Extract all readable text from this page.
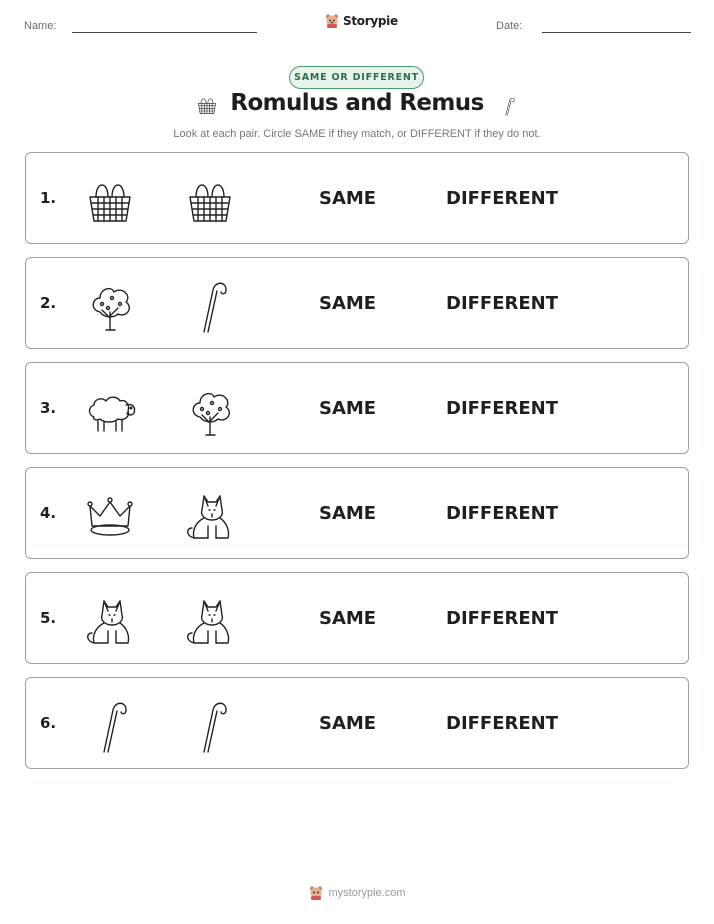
Name:	Storypie	Date:
SAME OR DIFFERENT
Romulus and Remus
Look at each pair. Circle SAME if they match, or DIFFERENT if they do not.
1.	SAME	DIFFERENT
2.	SAME	DIFFERENT
3.	SAME	DIFFERENT
4.	SAME	DIFFERENT
5.	SAME	DIFFERENT
6.	SAME	DIFFERENT
mystorypie.com
